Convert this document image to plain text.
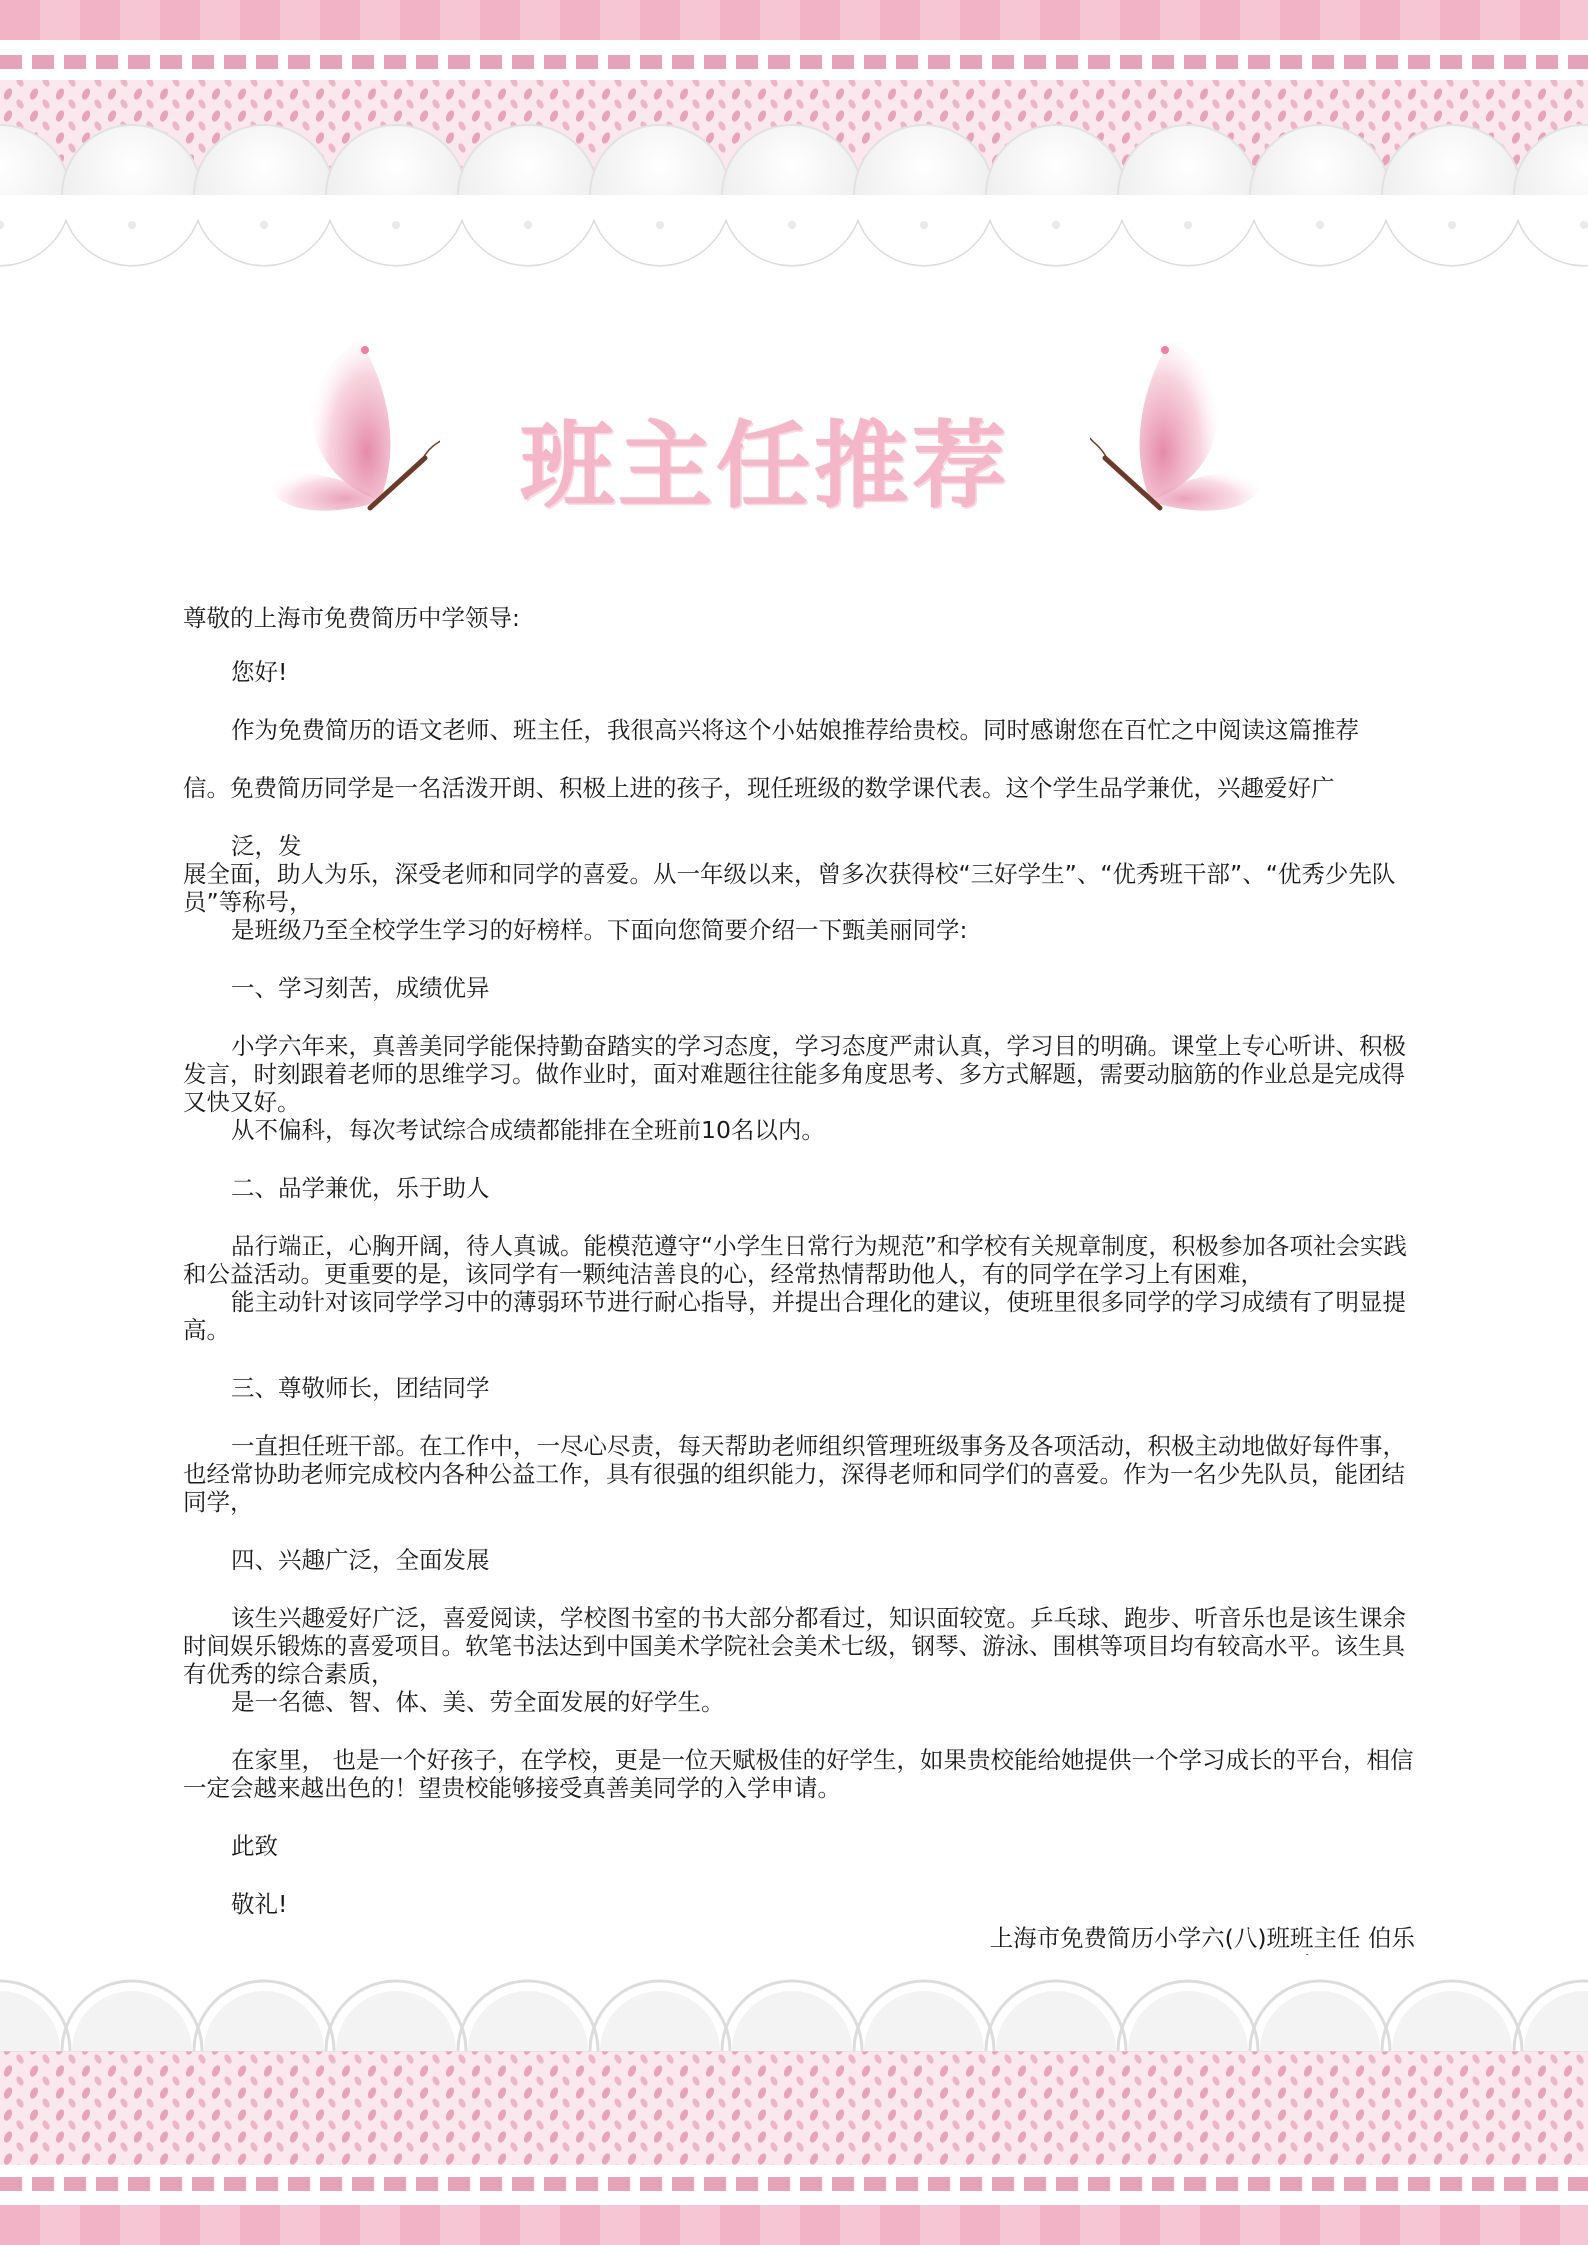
班主任推荐

尊敬的上海市免费简历中学领导:

您好!

作为免费简历的语文老师、班主任，我很高兴将这个小姑娘推荐给贵校。同时感谢您在百忙之中阅读这篇推荐

信。免费简历同学是一名活泼开朗、积极上进的孩子，现任班级的数学课代表。这个学生品学兼优，兴趣爱好广

泛，发

展全面，助人为乐，深受老师和同学的喜爱。从一年级以来，曾多次获得校“三好学生”、“优秀班干部”、“优秀少先队员”等称号，

是班级乃至全校学生学习的好榜样。下面向您简要介绍一下甄美丽同学:

一、学习刻苦，成绩优异

小学六年来，真善美同学能保持勤奋踏实的学习态度，学习态度严肃认真，学习目的明确。课堂上专心听讲、积极发言，时刻跟着老师的思维学习。做作业时，面对难题往往能多角度思考、多方式解题，需要动脑筋的作业总是完成得又快又好。

从不偏科，每次考试综合成绩都能排在全班前10名以内。

二、品学兼优，乐于助人

品行端正，心胸开阔，待人真诚。能模范遵守“小学生日常行为规范”和学校有关规章制度，积极参加各项社会实践和公益活动。更重要的是，该同学有一颗纯洁善良的心，经常热情帮助他人，有的同学在学习上有困难，

能主动针对该同学学习中的薄弱环节进行耐心指导，并提出合理化的建议，使班里很多同学的学习成绩有了明显提高。

三、尊敬师长，团结同学

一直担任班干部。在工作中，一尽心尽责，每天帮助老师组织管理班级事务及各项活动，积极主动地做好每件事，也经常协助老师完成校内各种公益工作，具有很强的组织能力，深得老师和同学们的喜爱。作为一名少先队员，能团结同学，

四、兴趣广泛，全面发展

该生兴趣爱好广泛，喜爱阅读，学校图书室的书大部分都看过，知识面较宽。乒乓球、跑步、听音乐也是该生课余时间娱乐锻炼的喜爱项目。软笔书法达到中国美术学院社会美术七级，钢琴、游泳、围棋等项目均有较高水平。该生具有优秀的综合素质，

是一名德、智、体、美、劳全面发展的好学生。

在家里， 也是一个好孩子，在学校，更是一位天赋极佳的好学生，如果贵校能给她提供一个学习成长的平台，相信一定会越来越出色的！望贵校能够接受真善美同学的入学申请。

此致

敬礼!

上海市免费简历小学六(八)班班主任 伯乐
